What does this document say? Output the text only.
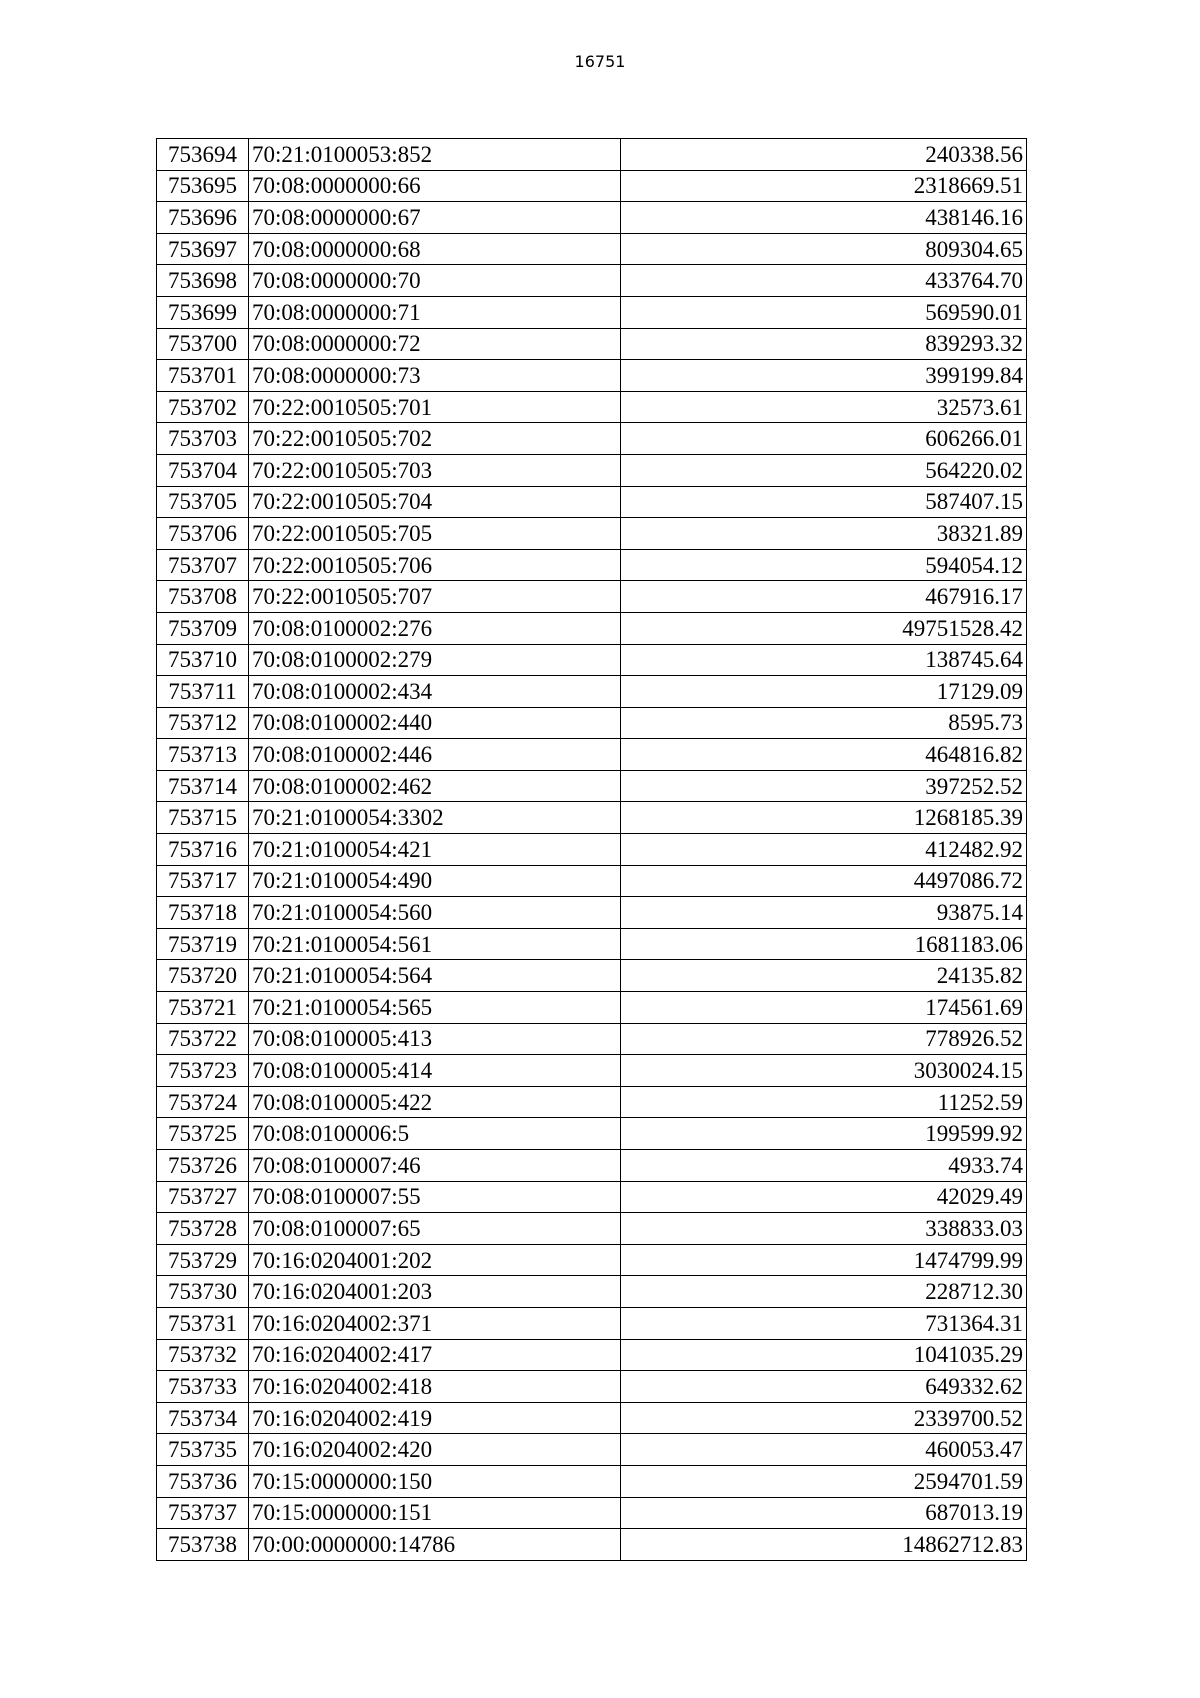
16751
753694	70:21:0100053:852	240338.56
753695	70:08:0000000:66	2318669.51
753696	70:08:0000000:67	438146.16
753697	70:08:0000000:68	809304.65
753698	70:08:0000000:70	433764.70
753699	70:08:0000000:71	569590.01
753700	70:08:0000000:72	839293.32
753701	70:08:0000000:73	399199.84
753702	70:22:0010505:701	32573.61
753703	70:22:0010505:702	606266.01
753704	70:22:0010505:703	564220.02
753705	70:22:0010505:704	587407.15
753706	70:22:0010505:705	38321.89
753707	70:22:0010505:706	594054.12
753708	70:22:0010505:707	467916.17
753709	70:08:0100002:276	49751528.42
753710	70:08:0100002:279	138745.64
753711	70:08:0100002:434	17129.09
753712	70:08:0100002:440	8595.73
753713	70:08:0100002:446	464816.82
753714	70:08:0100002:462	397252.52
753715	70:21:0100054:3302	1268185.39
753716	70:21:0100054:421	412482.92
753717	70:21:0100054:490	4497086.72
753718	70:21:0100054:560	93875.14
753719	70:21:0100054:561	1681183.06
753720	70:21:0100054:564	24135.82
753721	70:21:0100054:565	174561.69
753722	70:08:0100005:413	778926.52
753723	70:08:0100005:414	3030024.15
753724	70:08:0100005:422	11252.59
753725	70:08:0100006:5	199599.92
753726	70:08:0100007:46	4933.74
753727	70:08:0100007:55	42029.49
753728	70:08:0100007:65	338833.03
753729	70:16:0204001:202	1474799.99
753730	70:16:0204001:203	228712.30
753731	70:16:0204002:371	731364.31
753732	70:16:0204002:417	1041035.29
753733	70:16:0204002:418	649332.62
753734	70:16:0204002:419	2339700.52
753735	70:16:0204002:420	460053.47
753736	70:15:0000000:150	2594701.59
753737	70:15:0000000:151	687013.19
753738	70:00:0000000:14786	14862712.83
